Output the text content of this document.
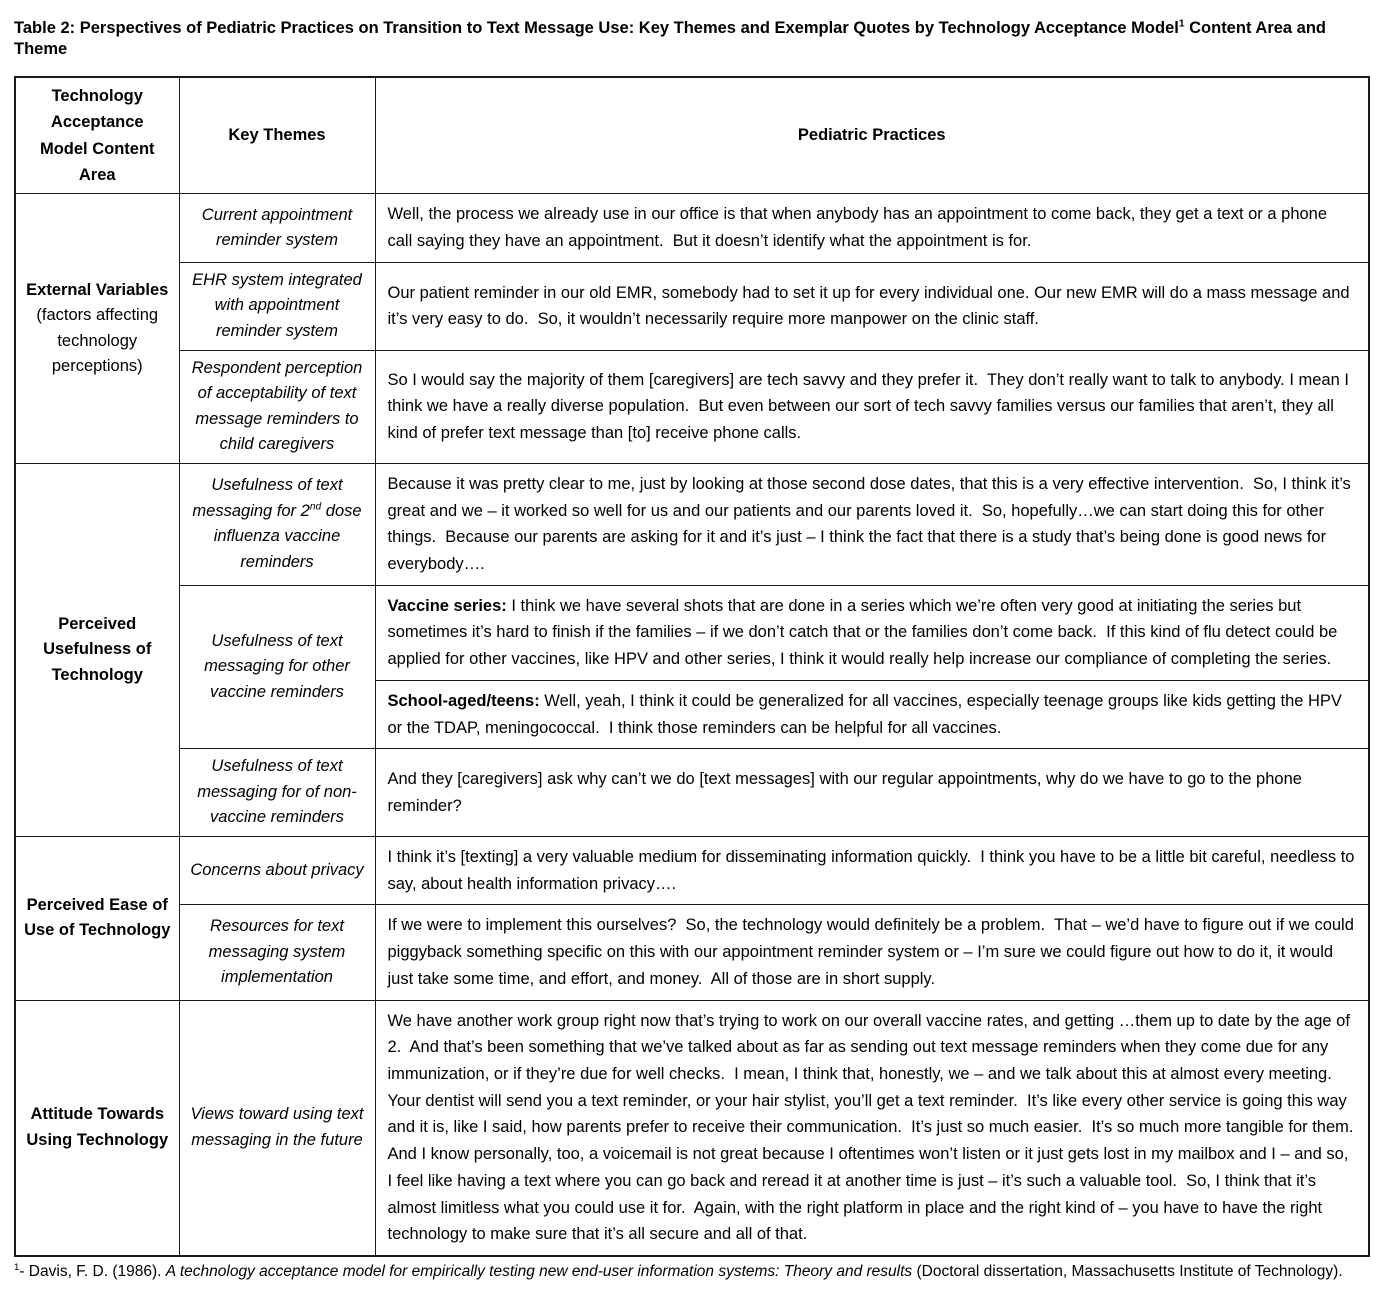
Table 2: Perspectives of Pediatric Practices on Transition to Text Message Use: Key Themes and Exemplar Quotes by Technology Acceptance Model$^1$ Content Area and Theme
Technology Acceptance Model Content Area	Key Themes	Pediatric Practices

External Variables
(factors affecting technology perceptions)	Current appointment reminder system	Well, the process we already use in our office is that when anybody has an appointment to come back, they get a text or a phone call saying they have an appointment.  But it doesn’t identify what the appointment is for.
	EHR system integrated with appointment reminder system	Our patient reminder in our old EMR, somebody had to set it up for every individual one. Our new EMR will do a mass message and it’s very easy to do.  So, it wouldn’t necessarily require more manpower on the clinic staff.
	Respondent perception of acceptability of text message reminders to child caregivers	So I would say the majority of them [caregivers] are tech savvy and they prefer it.  They don’t really want to talk to anybody. I mean I think we have a really diverse population.  But even between our sort of tech savvy families versus our families that aren’t, they all kind of prefer text message than [to] receive phone calls.

Perceived Usefulness of Technology	Usefulness of text messaging for 2nd dose influenza vaccine reminders	Because it was pretty clear to me, just by looking at those second dose dates, that this is a very effective intervention.  So, I think it’s great and we – it worked so well for us and our patients and our parents loved it.  So, hopefully…we can start doing this for other things.  Because our parents are asking for it and it’s just – I think the fact that there is a study that’s being done is good news for everybody….
	Usefulness of text messaging for other vaccine reminders	Vaccine series: I think we have several shots that are done in a series which we’re often very good at initiating the series but sometimes it’s hard to finish if the families – if we don’t catch that or the families don’t come back.  If this kind of flu detect could be applied for other vaccines, like HPV and other series, I think it would really help increase our compliance of completing the series.
		School-aged/teens: Well, yeah, I think it could be generalized for all vaccines, especially teenage groups like kids getting the HPV or the TDAP, meningococcal.  I think those reminders can be helpful for all vaccines.
	Usefulness of text messaging for of non-vaccine reminders	And they [caregivers] ask why can’t we do [text messages] with our regular appointments, why do we have to go to the phone reminder?

Perceived Ease of Use of Technology	Concerns about privacy	I think it’s [texting] a very valuable medium for disseminating information quickly.  I think you have to be a little bit careful, needless to say, about health information privacy….
	Resources for text messaging system implementation	If we were to implement this ourselves?  So, the technology would definitely be a problem.  That – we’d have to figure out if we could piggyback something specific on this with our appointment reminder system or – I’m sure we could figure out how to do it, it would just take some time, and effort, and money.  All of those are in short supply.

Attitude Towards Using Technology	Views toward using text messaging in the future	We have another work group right now that’s trying to work on our overall vaccine rates, and getting …them up to date by the age of 2.  And that’s been something that we’ve talked about as far as sending out text message reminders when they come due for any immunization, or if they’re due for well checks.  I mean, I think that, honestly, we – and we talk about this at almost every meeting.  Your dentist will send you a text reminder, or your hair stylist, you’ll get a text reminder.  It’s like every other service is going this way and it is, like I said, how parents prefer to receive their communication.  It’s just so much easier.  It’s so much more tangible for them.  And I know personally, too, a voicemail is not great because I oftentimes won’t listen or it just gets lost in my mailbox and I – and so, I feel like having a text where you can go back and reread it at another time is just – it’s such a valuable tool.  So, I think that it’s almost limitless what you could use it for.  Again, with the right platform in place and the right kind of – you have to have the right technology to make sure that it’s all secure and all of that.
$^1$- Davis, F. D. (1986). A technology acceptance model for empirically testing new end-user information systems: Theory and results (Doctoral dissertation, Massachusetts Institute of Technology).
